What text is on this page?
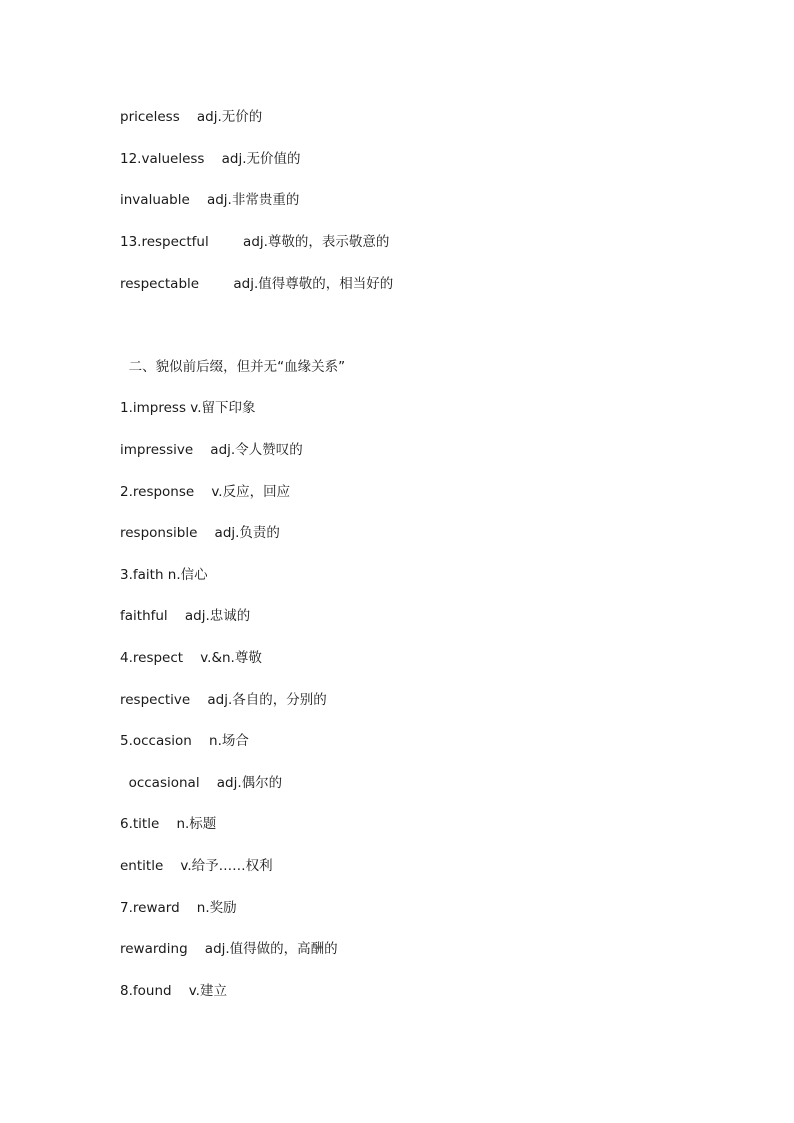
priceless    adj.无价的
12.valueless    adj.无价值的
invaluable    adj.非常贵重的
13.respectful        adj.尊敬的，表示敬意的
respectable        adj.值得尊敬的，相当好的
二、貌似前后缀，但并无“血缘关系”
1.impress v.留下印象
impressive    adj.令人赞叹的
2.response    v.反应，回应
responsible    adj.负责的
3.faith n.信心
faithful    adj.忠诚的
4.respect    v.&n.尊敬
respective    adj.各自的，分别的
5.occasion    n.场合
occasional    adj.偶尔的
6.title    n.标题
entitle    v.给予……权利
7.reward    n.奖励
rewarding    adj.值得做的，高酬的
8.found    v.建立
